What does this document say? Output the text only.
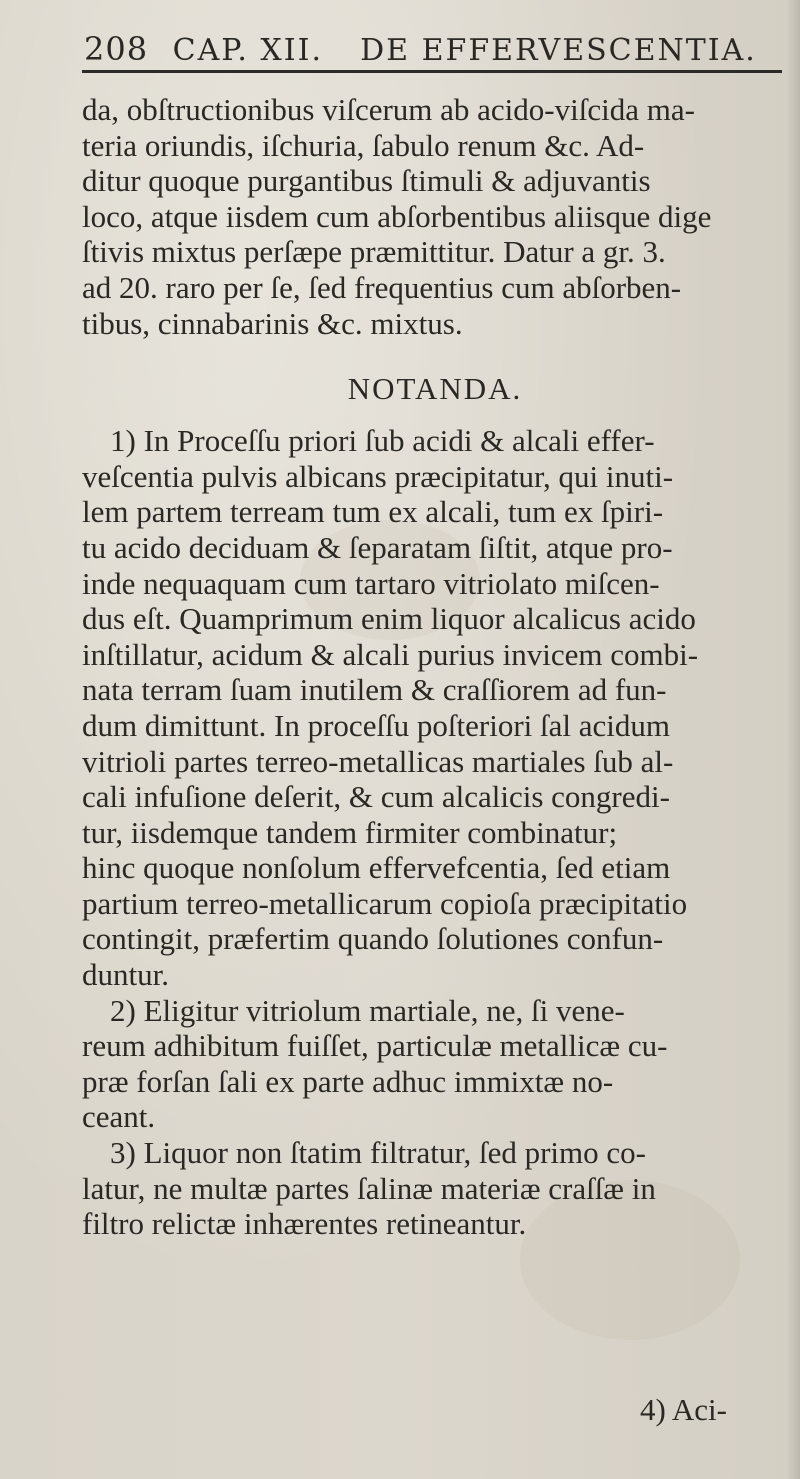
208 CAP. XII. DE EFFERVESCENTIA.
da, obſtructionibus viſcerum ab acido-viſcida ma-
teria oriundis, iſchuria, ſabulo renum &c. Ad-
ditur quoque purgantibus ſtimuli & adjuvantis
loco, atque iisdem cum abſorbentibus aliisque dige
ſtivis mixtus perſæpe præmittitur. Datur a gr. 3.
ad 20. raro per ſe, ſed frequentius cum abſorben-
tibus, cinnabarinis &c. mixtus.
NOTANDA.
1) In Proceſſu priori ſub acidi & alcali effer-
veſcentia pulvis albicans præcipitatur, qui inuti-
lem partem terream tum ex alcali, tum ex ſpiri-
tu acido deciduam & ſeparatam ſiſtit, atque pro-
inde nequaquam cum tartaro vitriolato miſcen-
dus eſt. Quamprimum enim liquor alcalicus acido
inſtillatur, acidum & alcali purius invicem combi-
nata terram ſuam inutilem & craſſiorem ad fun-
dum dimittunt. In proceſſu poſteriori ſal acidum
vitrioli partes terreo-metallicas martiales ſub al-
cali infuſione deſerit, & cum alcalicis congredi-
tur, iisdemque tandem firmiter combinatur;
hinc quoque nonſolum effervefcentia, ſed etiam
partium terreo-metallicarum copioſa præcipitatio
contingit, præfertim quando ſolutiones confun-
duntur.
2) Eligitur vitriolum martiale, ne, ſi vene-
reum adhibitum fuiſſet, particulæ metallicæ cu-
præ forſan ſali ex parte adhuc immixtæ no-
ceant.
3) Liquor non ſtatim filtratur, ſed primo co-
latur, ne multæ partes ſalinæ materiæ craſſæ in
filtro relictæ inhærentes retineantur.
4) Aci-
